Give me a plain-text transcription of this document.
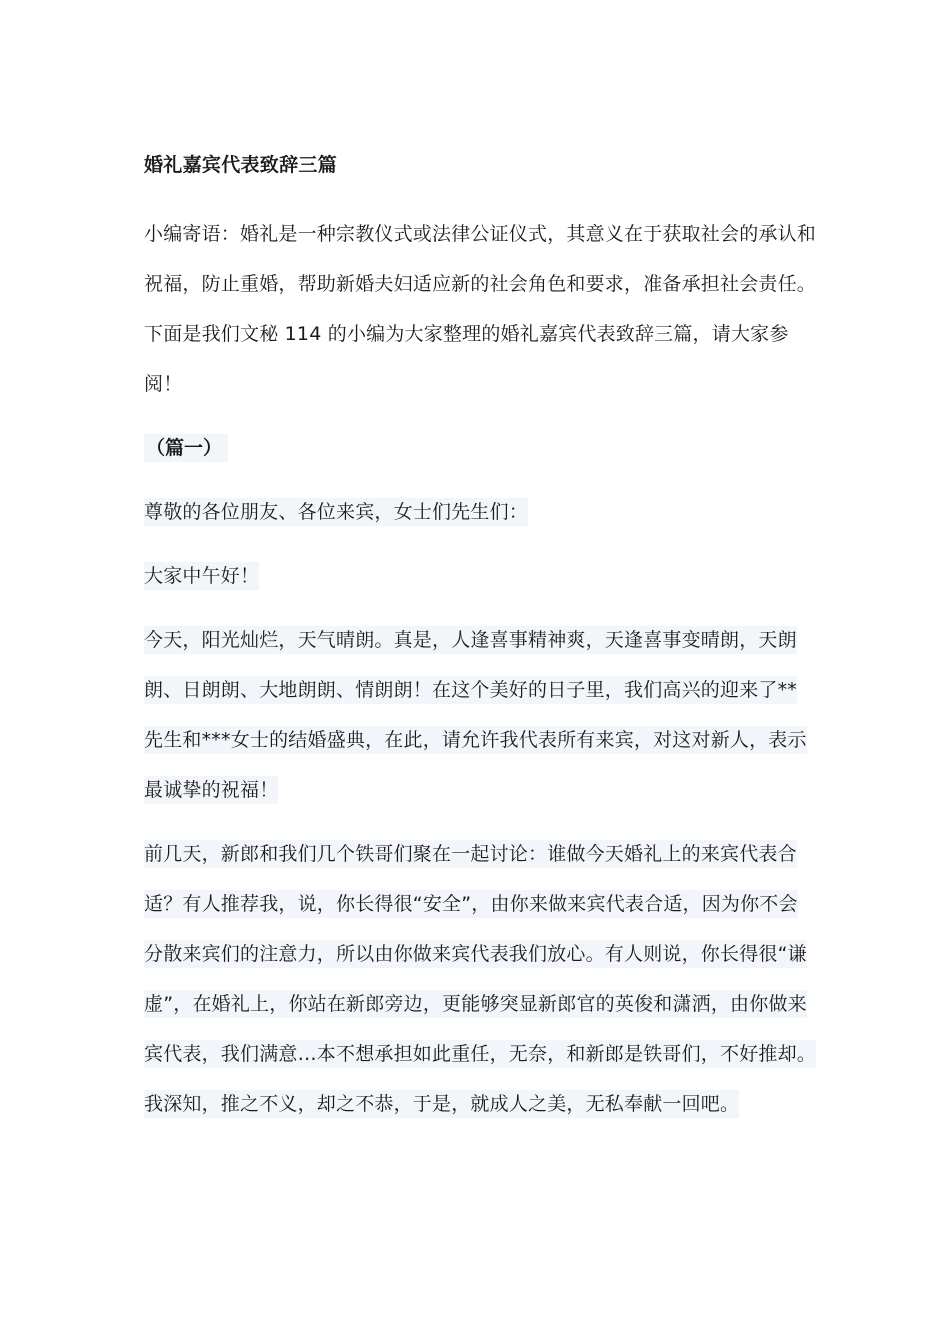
婚礼嘉宾代表致辞三篇
小编寄语：婚礼是一种宗教仪式或法律公证仪式，其意义在于获取社会的承认和祝福，防止重婚，帮助新婚夫妇适应新的社会角色和要求，准备承担社会责任。下面是我们文秘 114 的小编为大家整理的婚礼嘉宾代表致辞三篇，请大家参阅！
（篇一）
尊敬的各位朋友、各位来宾，女士们先生们：
大家中午好！
今天，阳光灿烂，天气晴朗。真是，人逢喜事精神爽，天逢喜事变晴朗，天朗朗、日朗朗、大地朗朗、情朗朗！在这个美好的日子里，我们高兴的迎来了**先生和***女士的结婚盛典，在此，请允许我代表所有来宾，对这对新人，表示最诚挚的祝福！
前几天，新郎和我们几个铁哥们聚在一起讨论：谁做今天婚礼上的来宾代表合适？有人推荐我，说，你长得很“安全”，由你来做来宾代表合适，因为你不会分散来宾们的注意力，所以由你做来宾代表我们放心。有人则说，你长得很“谦虚”，在婚礼上，你站在新郎旁边，更能够突显新郎官的英俊和潇洒，由你做来宾代表，我们满意…本不想承担如此重任，无奈，和新郎是铁哥们，不好推却。我深知，推之不义，却之不恭，于是，就成人之美，无私奉献一回吧。
